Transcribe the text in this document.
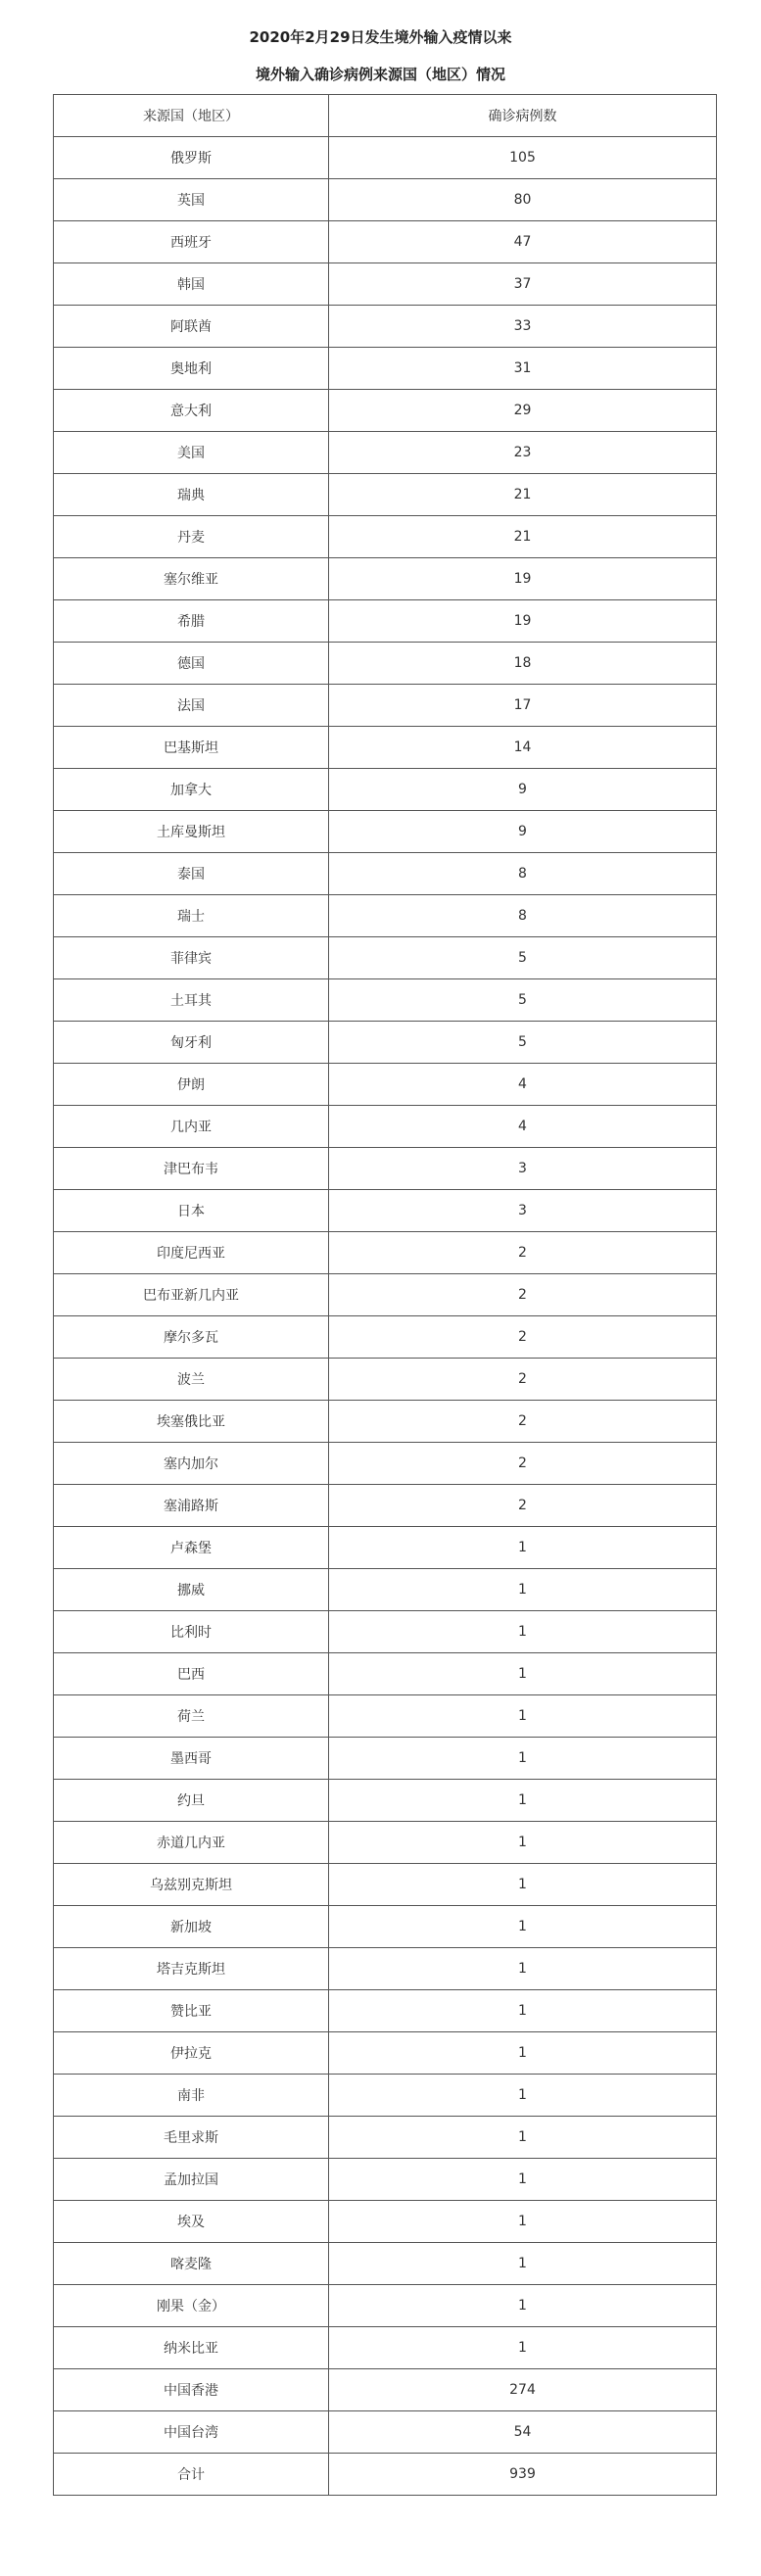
2020年2月29日发生境外输入疫情以来
境外输入确诊病例来源国（地区）情况
来源国（地区）	确诊病例数
俄罗斯	105
英国	80
西班牙	47
韩国	37
阿联酋	33
奥地利	31
意大利	29
美国	23
瑞典	21
丹麦	21
塞尔维亚	19
希腊	19
德国	18
法国	17
巴基斯坦	14
加拿大	9
土库曼斯坦	9
泰国	8
瑞士	8
菲律宾	5
土耳其	5
匈牙利	5
伊朗	4
几内亚	4
津巴布韦	3
日本	3
印度尼西亚	2
巴布亚新几内亚	2
摩尔多瓦	2
波兰	2
埃塞俄比亚	2
塞内加尔	2
塞浦路斯	2
卢森堡	1
挪威	1
比利时	1
巴西	1
荷兰	1
墨西哥	1
约旦	1
赤道几内亚	1
乌兹别克斯坦	1
新加坡	1
塔吉克斯坦	1
赞比亚	1
伊拉克	1
南非	1
毛里求斯	1
孟加拉国	1
埃及	1
喀麦隆	1
刚果（金）	1
纳米比亚	1
中国香港	274
中国台湾	54
合计	939
